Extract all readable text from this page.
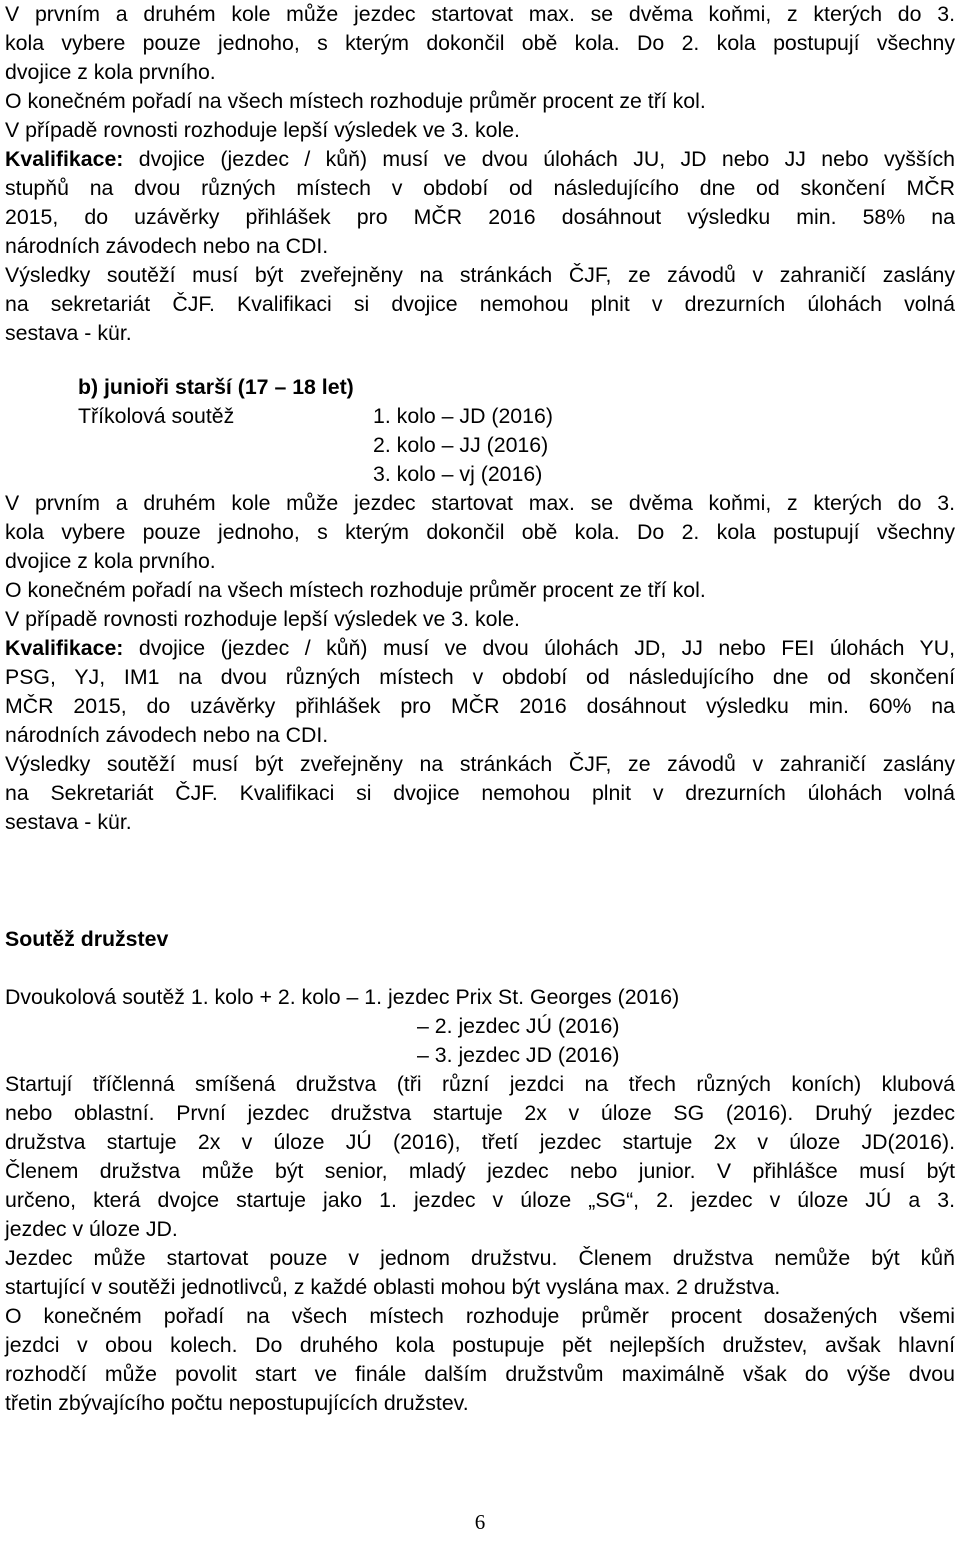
V prvním a druhém kole může jezdec startovat max. se dvěma koňmi, z kterých do 3.
kola vybere pouze jednoho, s kterým dokončil obě kola. Do 2. kola postupují všechny
dvojice z kola prvního.
O konečném pořadí na všech místech rozhoduje průměr procent ze tří kol.
V případě rovnosti rozhoduje lepší výsledek ve 3. kole.
Kvalifikace: dvojice (jezdec / kůň) musí ve dvou úlohách JU, JD nebo JJ nebo vyšších
stupňů na dvou různých místech v období od následujícího dne od skončení MČR
2015, do uzávěrky přihlášek pro MČR 2016 dosáhnout výsledku min. 58% na
národních závodech nebo na CDI.
Výsledky soutěží musí být zveřejněny na stránkách ČJF, ze závodů v zahraničí zaslány
na sekretariát ČJF. Kvalifikaci si dvojice nemohou plnit v drezurních úlohách volná
sestava - kür.
b) junioři starší (17 – 18 let)
Tříkolová soutěž	1. kolo – JD (2016)
2. kolo – JJ (2016)
3. kolo – vj (2016)
V prvním a druhém kole může jezdec startovat max. se dvěma koňmi, z kterých do 3.
kola vybere pouze jednoho, s kterým dokončil obě kola. Do 2. kola postupují všechny
dvojice z kola prvního.
O konečném pořadí na všech místech rozhoduje průměr procent ze tří kol.
V případě rovnosti rozhoduje lepší výsledek ve 3. kole.
Kvalifikace: dvojice (jezdec / kůň) musí ve dvou úlohách JD, JJ nebo FEI úlohách YU,
PSG, YJ, IM1 na dvou různých místech v období od následujícího dne od skončení
MČR 2015, do uzávěrky přihlášek pro MČR 2016 dosáhnout výsledku min. 60% na
národních závodech nebo na CDI.
Výsledky soutěží musí být zveřejněny na stránkách ČJF, ze závodů v zahraničí zaslány
na Sekretariát ČJF. Kvalifikaci si dvojice nemohou plnit v drezurních úlohách volná
sestava - kür.
Soutěž družstev
Dvoukolová soutěž 1. kolo + 2. kolo – 1. jezdec Prix St. Georges (2016)
– 2. jezdec JÚ (2016)
– 3. jezdec JD (2016)
Startují tříčlenná smíšená družstva (tři různí jezdci na třech různých koních) klubová
nebo oblastní. První jezdec družstva startuje 2x v úloze SG (2016). Druhý jezdec
družstva startuje 2x v úloze JÚ (2016), třetí jezdec startuje 2x v úloze JD(2016).
Členem družstva může být senior, mladý jezdec nebo junior. V přihlášce musí být
určeno, která dvojce startuje jako 1. jezdec v úloze „SG“, 2. jezdec v úloze JÚ a 3.
jezdec v úloze JD.
Jezdec může startovat pouze v jednom družstvu. Členem družstva nemůže být kůň
startující v soutěži jednotlivců, z každé oblasti mohou být vyslána max. 2 družstva.
O konečném pořadí na všech místech rozhoduje průměr procent dosažených všemi
jezdci v obou kolech. Do druhého kola postupuje pět nejlepších družstev, avšak hlavní
rozhodčí může povolit start ve finále dalším družstvům maximálně však do výše dvou
třetin zbývajícího počtu nepostupujících družstev.
6
